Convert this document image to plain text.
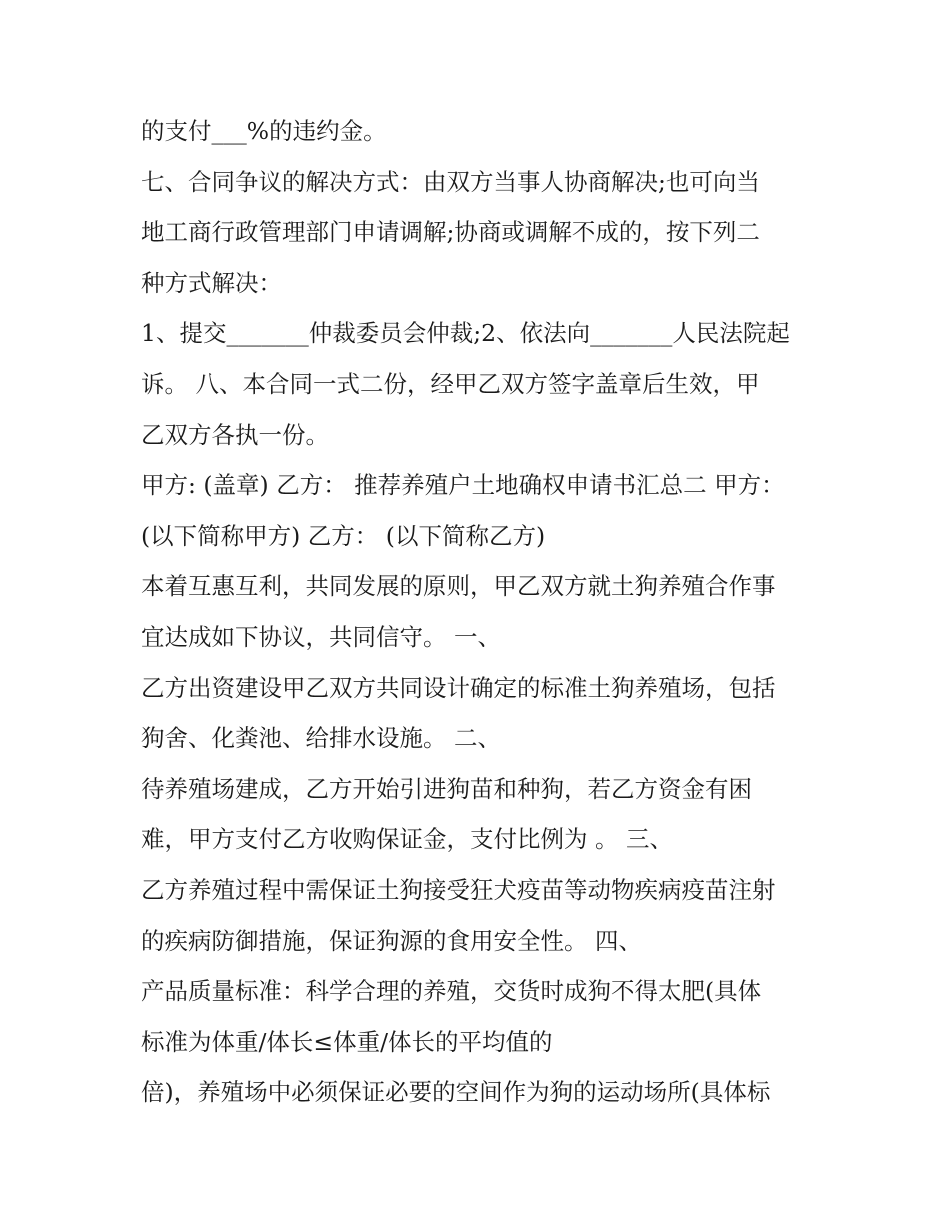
的支付___%的违约金。
七、合同争议的解决方式：由双方当事人协商解决;也可向当
地工商行政管理部门申请调解;协商或调解不成的，按下列二
种方式解决：
1、提交_______仲裁委员会仲裁;2、依法向_______人民法院起
诉。 八、本合同一式二份，经甲乙双方签字盖章后生效，甲
乙双方各执一份。
甲方: (盖章) 乙方： 推荐养殖户土地确权申请书汇总二 甲方：
(以下简称甲方) 乙方： (以下简称乙方)
本着互惠互利，共同发展的原则，甲乙双方就土狗养殖合作事
宜达成如下协议，共同信守。 一、
乙方出资建设甲乙双方共同设计确定的标准土狗养殖场，包括
狗舍、化粪池、给排水设施。 二、
待养殖场建成，乙方开始引进狗苗和种狗，若乙方资金有困
难，甲方支付乙方收购保证金，支付比例为 。 三、
乙方养殖过程中需保证土狗接受狂犬疫苗等动物疾病疫苗注射
的疾病防御措施，保证狗源的食用安全性。 四、
产品质量标准：科学合理的养殖，交货时成狗不得太肥(具体
标准为体重/体长≤体重/体长的平均值的
倍)，养殖场中必须保证必要的空间作为狗的运动场所(具体标
